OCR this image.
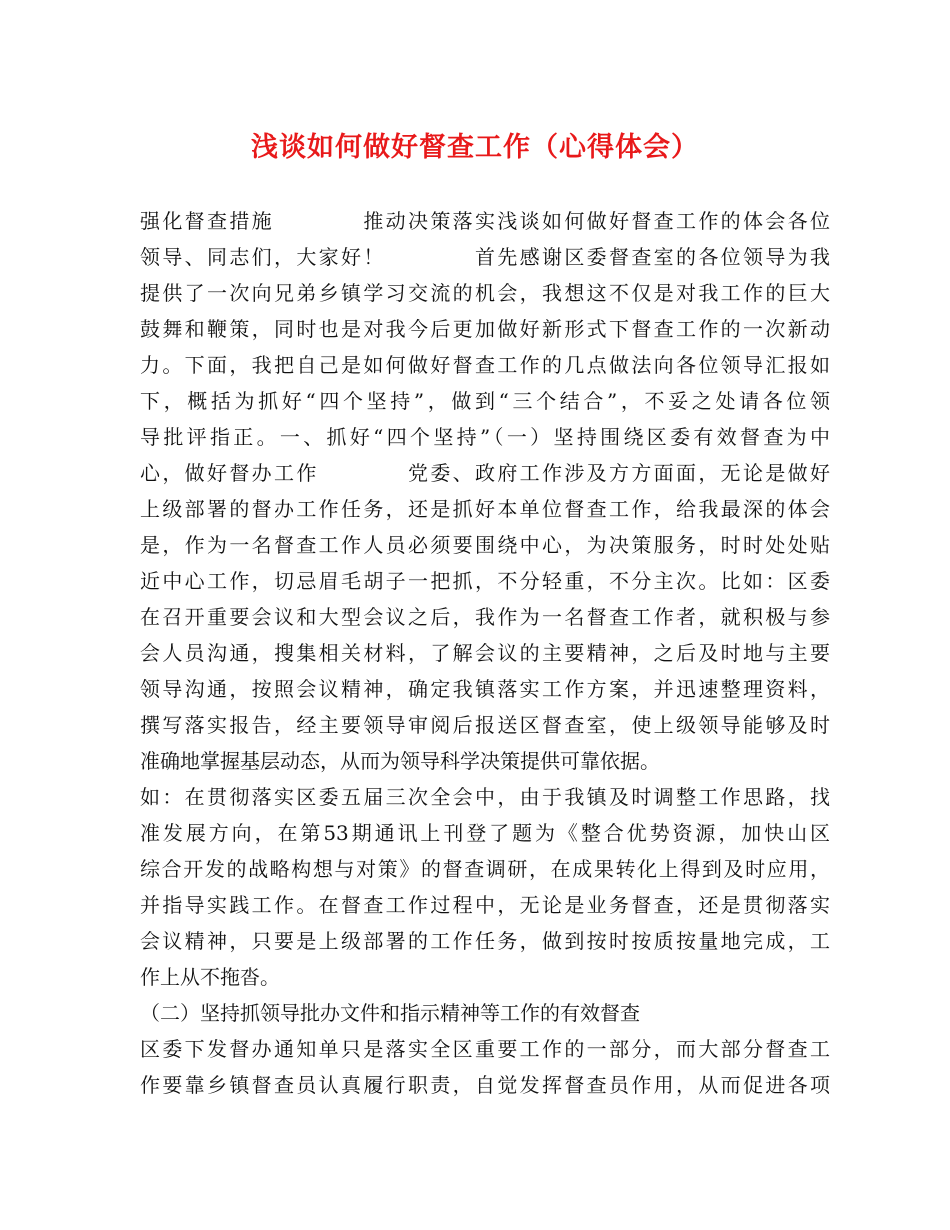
浅谈如何做好督查工作（心得体会）
强化督查措施　　　　推动决策落实浅谈如何做好督查工作的体会各位
领导、同志们，大家好！　　　　首先感谢区委督查室的各位领导为我
提供了一次向兄弟乡镇学习交流的机会，我想这不仅是对我工作的巨大
鼓舞和鞭策，同时也是对我今后更加做好新形式下督查工作的一次新动
力。下面，我把自己是如何做好督查工作的几点做法向各位领导汇报如
下，概括为抓好“四个坚持”，做到“三个结合”，不妥之处请各位领
导批评指正。一、抓好“四个坚持”（一）坚持围绕区委有效督查为中
心，做好督办工作　　　　党委、政府工作涉及方方面面，无论是做好
上级部署的督办工作任务，还是抓好本单位督查工作，给我最深的体会
是，作为一名督查工作人员必须要围绕中心，为决策服务，时时处处贴
近中心工作，切忌眉毛胡子一把抓，不分轻重，不分主次。比如：区委
在召开重要会议和大型会议之后，我作为一名督查工作者，就积极与参
会人员沟通，搜集相关材料，了解会议的主要精神，之后及时地与主要
领导沟通，按照会议精神，确定我镇落实工作方案，并迅速整理资料，
撰写落实报告，经主要领导审阅后报送区督查室，使上级领导能够及时
准确地掌握基层动态，从而为领导科学决策提供可靠依据。
如：在贯彻落实区委五届三次全会中，由于我镇及时调整工作思路，找
准发展方向，在第53期通讯上刊登了题为《整合优势资源，加快山区
综合开发的战略构想与对策》的督查调研，在成果转化上得到及时应用，
并指导实践工作。在督查工作过程中，无论是业务督查，还是贯彻落实
会议精神，只要是上级部署的工作任务，做到按时按质按量地完成，工
作上从不拖沓。
（二）坚持抓领导批办文件和指示精神等工作的有效督查
区委下发督办通知单只是落实全区重要工作的一部分，而大部分督查工
作要靠乡镇督查员认真履行职责，自觉发挥督查员作用，从而促进各项
